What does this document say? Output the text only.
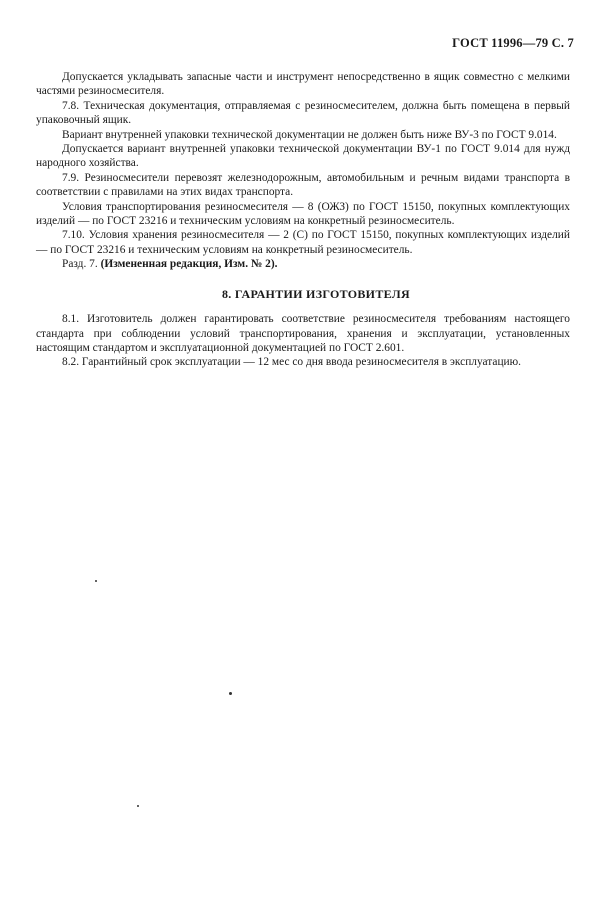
ГОСТ 11996—79 С. 7

Допускается укладывать запасные части и инструмент непосредственно в ящик совместно с мелкими частями резиносмесителя.

7.8. Техническая документация, отправляемая с резиносмесителем, должна быть помещена в первый упаковочный ящик.

Вариант внутренней упаковки технической документации не должен быть ниже ВУ-3 по ГОСТ 9.014.

Допускается вариант внутренней упаковки технической документации ВУ-1 по ГОСТ 9.014 для нужд народного хозяйства.

7.9. Резиносмесители перевозят железнодорожным, автомобильным и речным видами транспорта в соответствии с правилами на этих видах транспорта.

Условия транспортирования резиносмесителя — 8 (ОЖЗ) по ГОСТ 15150, покупных комплектующих изделий — по ГОСТ 23216 и техническим условиям на конкретный резиносмеситель.

7.10. Условия хранения резиносмесителя — 2 (С) по ГОСТ 15150, покупных комплектующих изделий — по ГОСТ 23216 и техническим условиям на конкретный резиносмеситель.

Разд. 7. (Измененная редакция, Изм. № 2).

8. ГАРАНТИИ ИЗГОТОВИТЕЛЯ

8.1. Изготовитель должен гарантировать соответствие резиносмесителя требованиям настоящего стандарта при соблюдении условий транспортирования, хранения и эксплуатации, установленных настоящим стандартом и эксплуатационной документацией по ГОСТ 2.601.

8.2. Гарантийный срок эксплуатации — 12 мес со дня ввода резиносмесителя в эксплуатацию.
